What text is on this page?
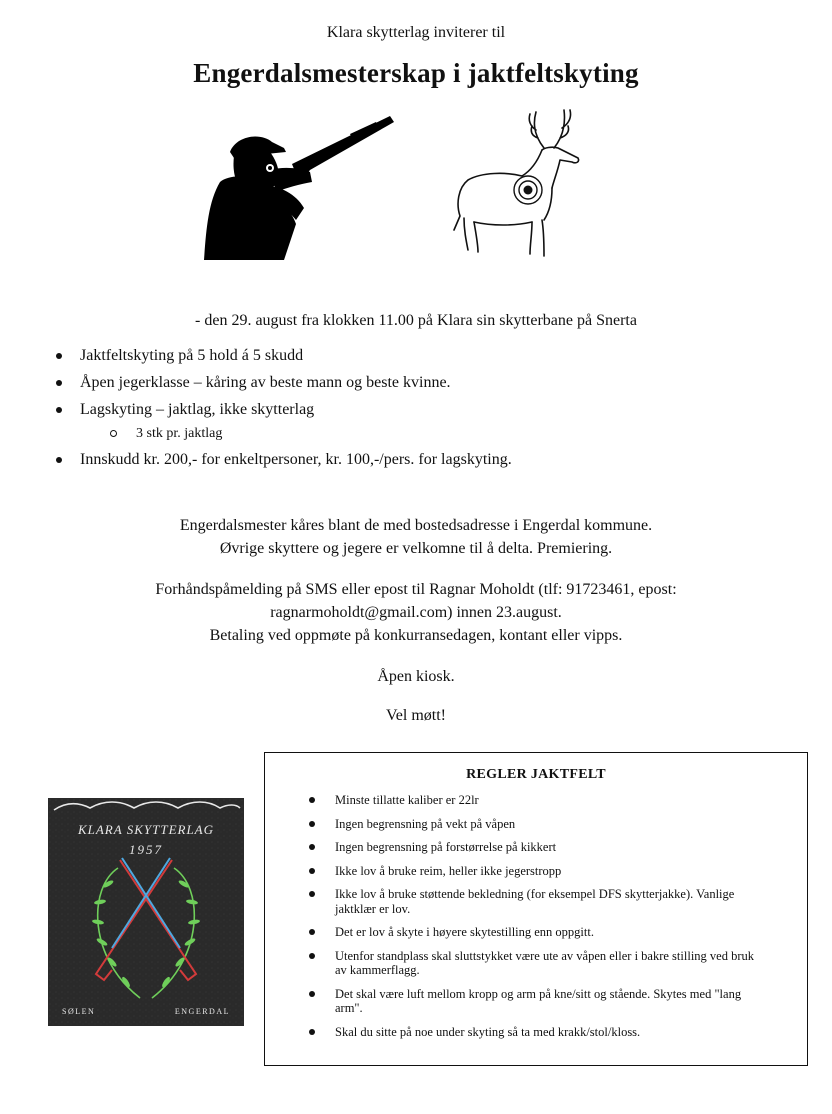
Klara skytterlag inviterer til
Engerdalsmesterskap i jaktfeltskyting
- den 29. august fra klokken 11.00 på Klara sin skytterbane på Snerta
Jaktfeltskyting på 5 hold á 5 skudd
Åpen jegerklasse – kåring av beste mann og beste kvinne.
Lagskyting – jaktlag, ikke skytterlag
3 stk pr. jaktlag
Innskudd kr. 200,- for enkeltpersoner, kr. 100,-/pers. for lagskyting.
Engerdalsmester kåres blant de med bostedsadresse i Engerdal kommune.
Øvrige skyttere og jegere er velkomne til å delta. Premiering.
Forhåndspåmelding på SMS eller epost til Ragnar Moholdt (tlf: 91723461, epost:
ragnarmoholdt@gmail.com) innen 23.august.
Betaling ved oppmøte på konkurransedagen, kontant eller vipps.
Åpen kiosk.
Vel møtt!
KLARA SKYTTERLAG
1957
SØLEN	ENGERDAL
REGLER JAKTFELT
Minste tillatte kaliber er 22lr
Ingen begrensning på vekt på våpen
Ingen begrensning på forstørrelse på kikkert
Ikke lov å bruke reim, heller ikke jegerstropp
Ikke lov å bruke støttende bekledning (for eksempel DFS skytterjakke). Vanlige jaktklær er lov.
Det er lov å skyte i høyere skytestilling enn oppgitt.
Utenfor standplass skal sluttstykket være ute av våpen eller i bakre stilling ved bruk av kammerflagg.
Det skal være luft mellom kropp og arm på kne/sitt og stående. Skytes med "lang arm".
Skal du sitte på noe under skyting så ta med krakk/stol/kloss.
